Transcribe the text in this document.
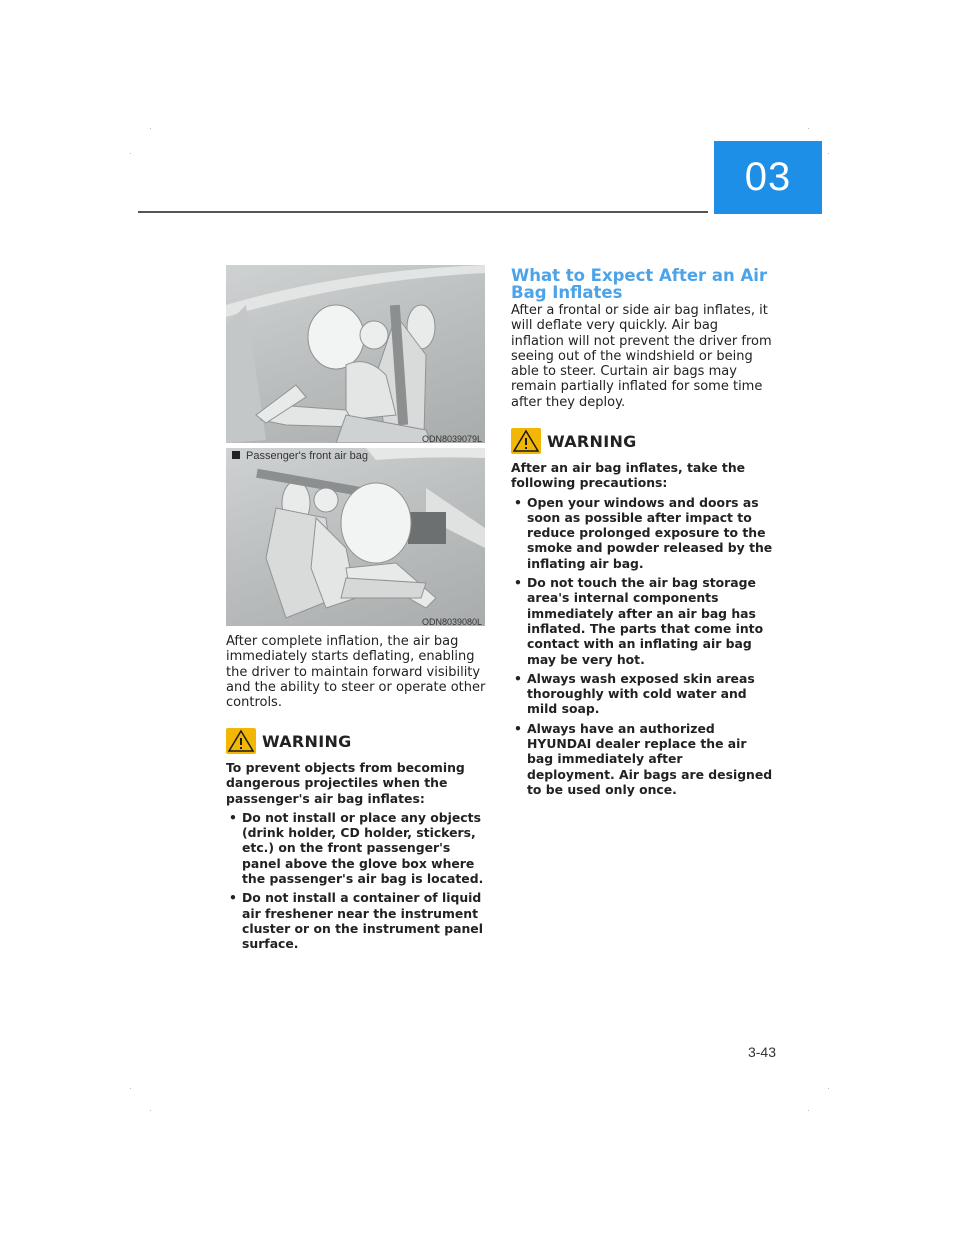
03
ODN8039079L
Passenger's front air bag
ODN8039080L
After complete inflation, the air bag immediately starts deflating, enabling the driver to maintain forward visibility and the ability to steer or operate other controls.
WARNING
To prevent objects from becoming dangerous projectiles when the passenger's air bag inflates:
• Do not install or place any objects (drink holder, CD holder, stickers, etc.) on the front passenger's panel above the glove box where the passenger's air bag is located.
• Do not install a container of liquid air freshener near the instrument cluster or on the instrument panel surface.
What to Expect After an Air Bag Inflates
After a frontal or side air bag inflates, it will deflate very quickly. Air bag inflation will not prevent the driver from seeing out of the windshield or being able to steer. Curtain air bags may remain partially inflated for some time after they deploy.
WARNING
After an air bag inflates, take the following precautions:
• Open your windows and doors as soon as possible after impact to reduce prolonged exposure to the smoke and powder released by the inflating air bag.
• Do not touch the air bag storage area's internal components immediately after an air bag has inflated. The parts that come into contact with an inflating air bag may be very hot.
• Always wash exposed skin areas thoroughly with cold water and mild soap.
• Always have an authorized HYUNDAI dealer replace the air bag immediately after deployment. Air bags are designed to be used only once.
3-43
